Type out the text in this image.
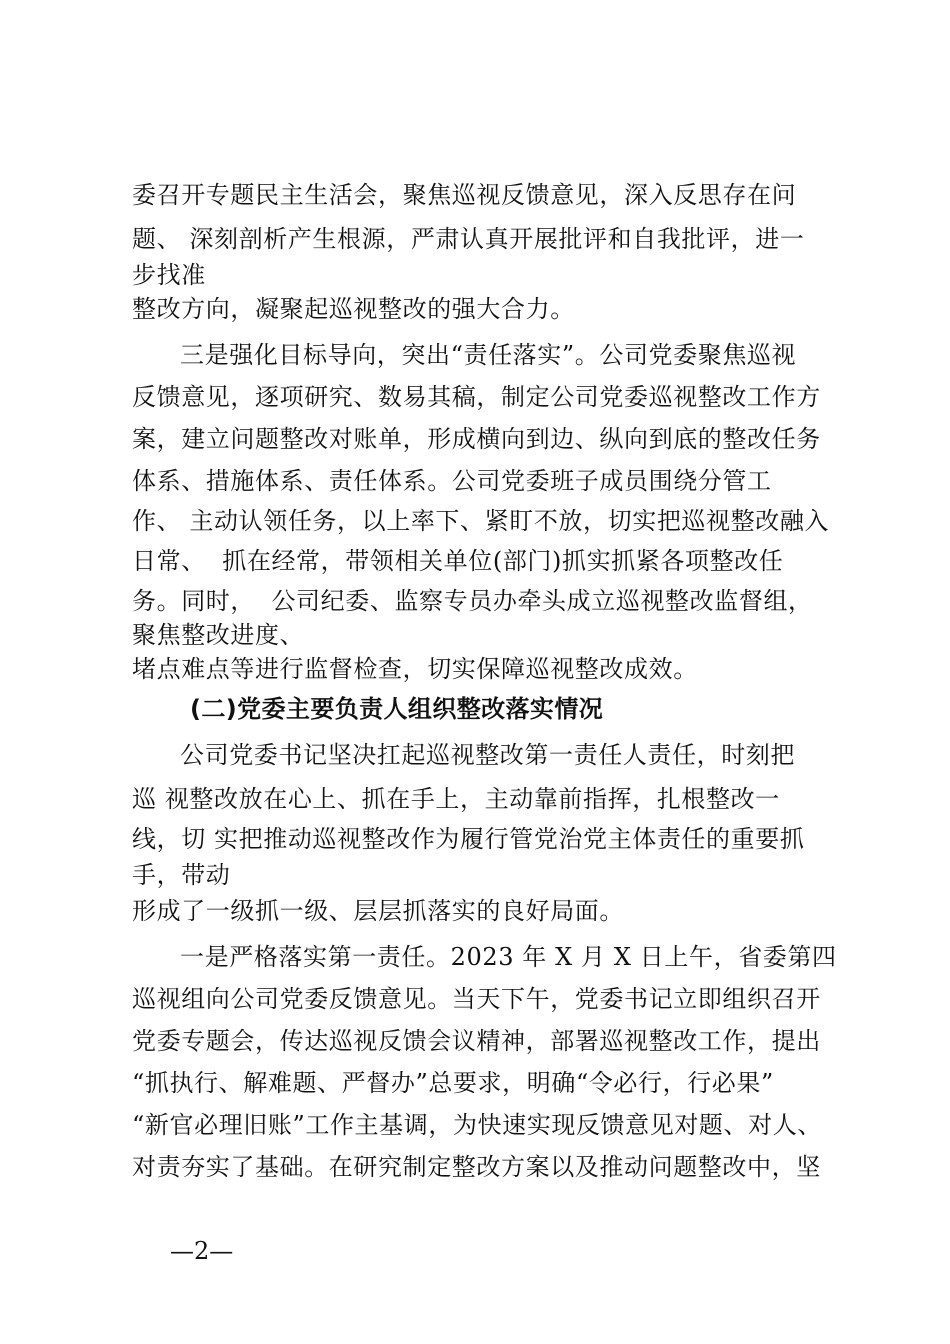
委召开专题民主生活会，聚焦巡视反馈意见，深入反思存在问
题、 深刻剖析产生根源，严肃认真开展批评和自我批评，进一
步找准
整改方向，凝聚起巡视整改的强大合力。
三是强化目标导向，突出“责任落实”。公司党委聚焦巡视
反馈意见，逐项研究、数易其稿，制定公司党委巡视整改工作方
案，建立问题整改对账单，形成横向到边、纵向到底的整改任务
体系、措施体系、责任体系。公司党委班子成员围绕分管工
作、 主动认领任务，以上率下、紧盯不放，切实把巡视整改融入
日常、  抓在经常，带领相关单位(部门)抓实抓紧各项整改任
务。同时，  公司纪委、监察专员办牵头成立巡视整改监督组，
聚焦整改进度、
堵点难点等进行监督检查，切实保障巡视整改成效。
(二)党委主要负责人组织整改落实情况
公司党委书记坚决扛起巡视整改第一责任人责任，时刻把
巡 视整改放在心上、抓在手上，主动靠前指挥，扎根整改一
线，切 实把推动巡视整改作为履行管党治党主体责任的重要抓
手，带动
形成了一级抓一级、层层抓落实的良好局面。
一是严格落实第一责任。2023 年 X 月 X 日上午，省委第四
巡视组向公司党委反馈意见。当天下午，党委书记立即组织召开
党委专题会，传达巡视反馈会议精神，部署巡视整改工作，提出
“抓执行、解难题、严督办”总要求，明确“令必行，行必果”
“新官必理旧账”工作主基调，为快速实现反馈意见对题、对人、
对责夯实了基础。在研究制定整改方案以及推动问题整改中，坚
—2—
